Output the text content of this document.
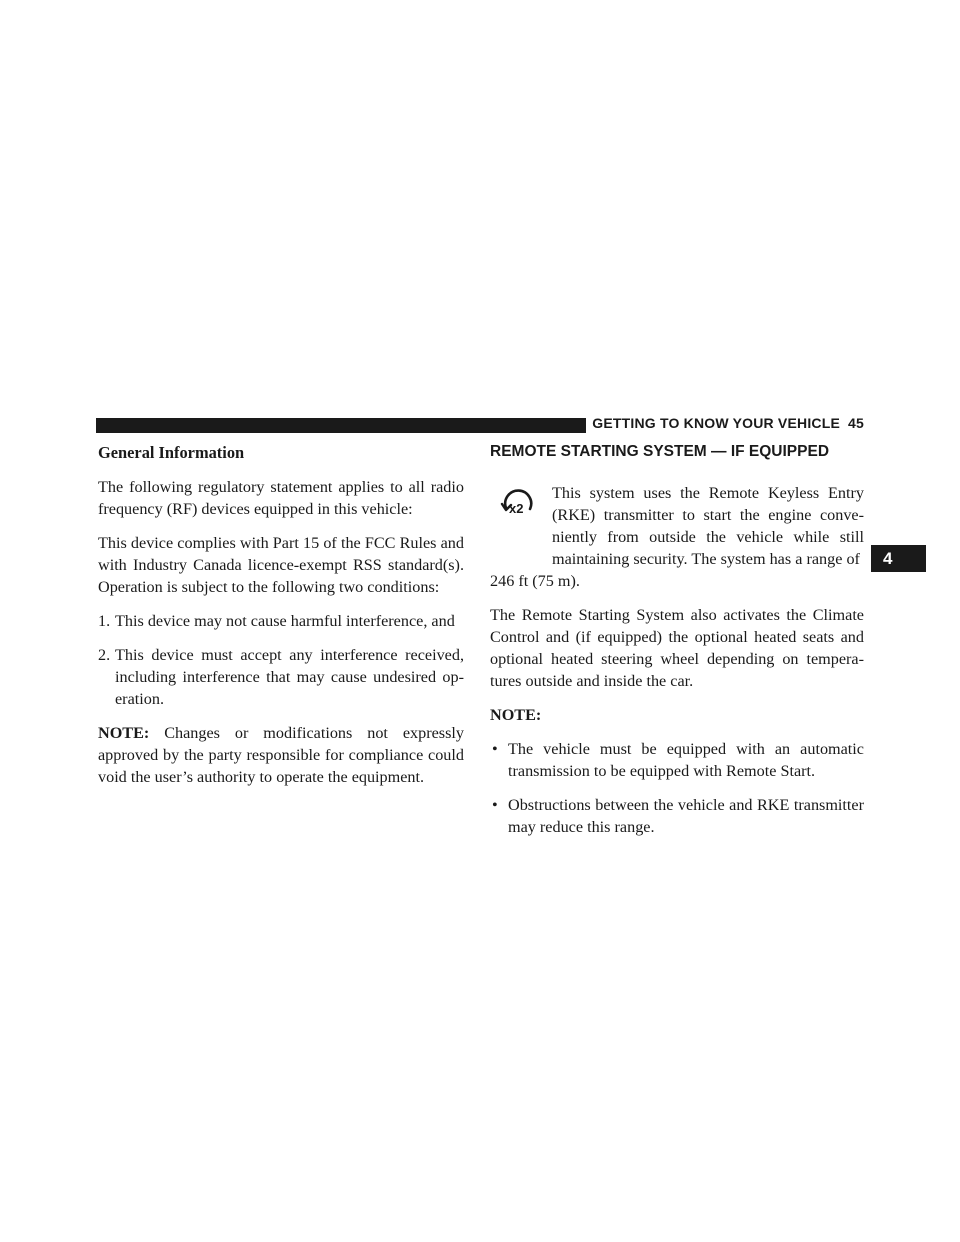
GETTING TO KNOW YOUR VEHICLE 45
4
General Information

The following regulatory statement applies to all radio frequency (RF) devices equipped in this vehicle:

This device complies with Part 15 of the FCC Rules and with Industry Canada licence-exempt RSS standard(s). Operation is subject to the following two conditions:

1. This device may not cause harmful interference, and
2. This device must accept any interference received, including interference that may cause undesired op-eration.

NOTE: Changes or modifications not expressly approved by the party responsible for compliance could void the user’s authority to operate the equipment.

REMOTE STARTING SYSTEM — IF EQUIPPED
x2

This system uses the Remote Keyless Entry (RKE) transmitter to start the engine conve-niently from outside the vehicle while still maintaining security. The system has a range of

246 ft (75 m).

The Remote Starting System also activates the Climate Control and (if equipped) the optional heated seats and optional heated steering wheel depending on tempera-tures outside and inside the car.

NOTE:

• The vehicle must be equipped with an automatic transmission to be equipped with Remote Start.
• Obstructions between the vehicle and RKE transmitter may reduce this range.
